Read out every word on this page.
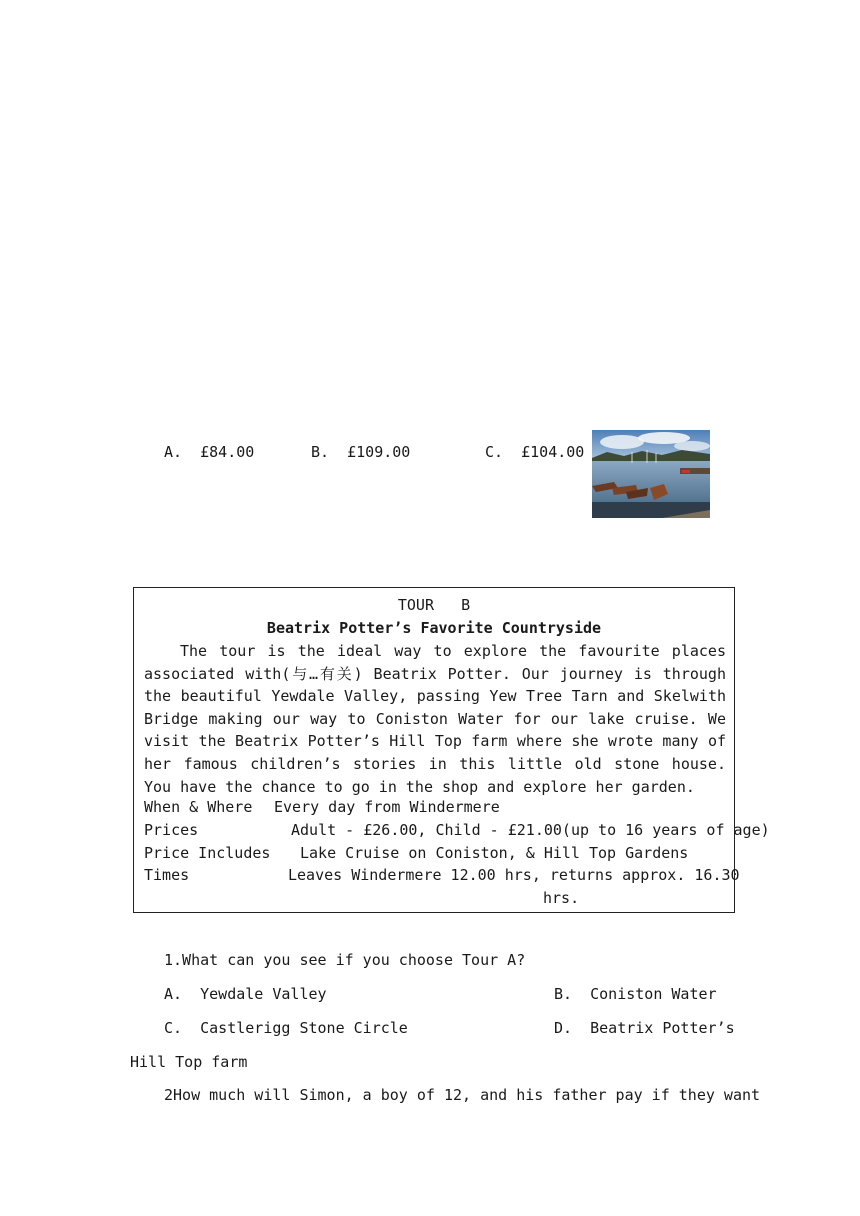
A.  £84.00	B.  £109.00	C.  £104.00
TOUR   B
Beatrix Potter’s Favorite Countryside

The tour is the ideal way to explore the favourite places associated with(与…有关) Beatrix Potter. Our journey is through the beautiful Yewdale Valley, passing Yew Tree Tarn and Skelwith Bridge making our way to Coniston Water for our lake cruise. We visit the Beatrix Potter’s Hill Top farm where she wrote many of her famous children’s stories in this little old stone house. You have the chance to go in the shop and explore her garden.

When & Where Every day from Windermere
Prices	Adult - £26.00, Child - £21.00(up to 16 years of age)
Price Includes Lake Cruise on Coniston, & Hill Top Gardens
Times	Leaves Windermere 12.00 hrs, returns approx. 16.30
hrs.
1.What can you see if you choose Tour A?
A.  Yewdale Valley	B.  Coniston Water
C.  Castlerigg Stone Circle	D.  Beatrix Potter’s
Hill Top farm
2How much will Simon, a boy of 12, and his father pay if they want
